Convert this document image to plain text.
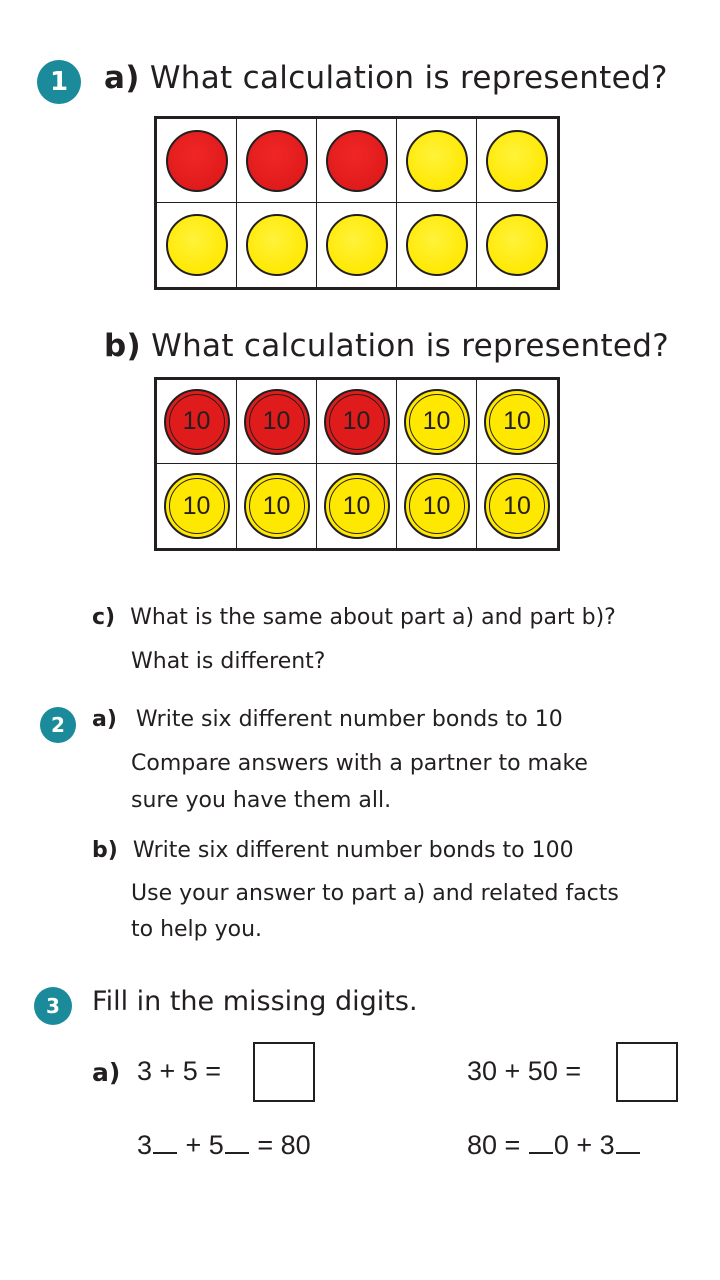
1	a) What calculation is represented?
b) What calculation is represented?
10	10	10	10	10
10	10	10	10	10
c) What is the same about part a) and part b)?
What is different?
2	a) Write six different number bonds to 10
Compare answers with a partner to make
sure you have them all.
b) Write six different number bonds to 100
Use your answer to part a) and related facts
to help you.
3	Fill in the missing digits.
a) 3 + 5 =	30 + 50 =
3 + 5 = 80	80 = 0 + 3
